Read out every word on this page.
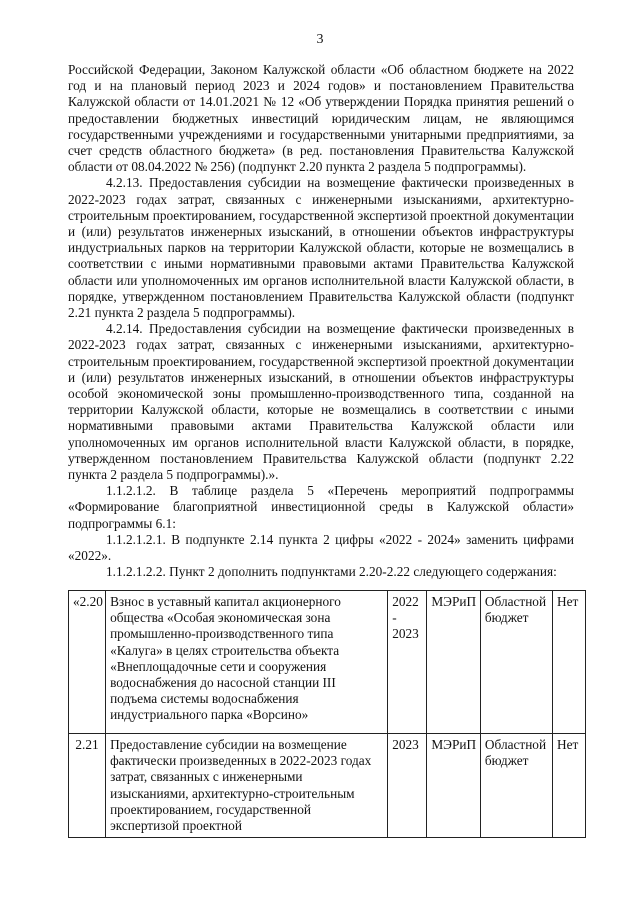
3

Российской Федерации, Законом Калужской области «Об областном бюджете на 2022 год и на плановый период 2023 и 2024 годов» и постановлением Правительства Калужской области от 14.01.2021 № 12 «Об утверждении Порядка принятия решений о предоставлении бюджетных инвестиций юридическим лицам, не являющимся государственными учреждениями и государственными унитарными предприятиями, за счет средств областного бюджета» (в ред. постановления Правительства Калужской области от 08.04.2022 № 256) (подпункт 2.20 пункта 2 раздела 5 подпрограммы).

4.2.13. Предоставления субсидии на возмещение фактически произведенных в 2022-2023 годах затрат, связанных с инженерными изысканиями, архитектурно-строительным проектированием, государственной экспертизой проектной документации и (или) результатов инженерных изысканий, в отношении объектов инфраструктуры индустриальных парков на территории Калужской области, которые не возмещались в соответствии с иными нормативными правовыми актами Правительства Калужской области или уполномоченных им органов исполнительной власти Калужской области, в порядке, утвержденном постановлением Правительства Калужской области (подпункт 2.21 пункта 2 раздела 5 подпрограммы).

4.2.14. Предоставления субсидии на возмещение фактически произведенных в 2022-2023 годах затрат, связанных с инженерными изысканиями, архитектурно-строительным проектированием, государственной экспертизой проектной документации и (или) результатов инженерных изысканий, в отношении объектов инфраструктуры особой экономической зоны промышленно-производственного типа, созданной на территории Калужской области, которые не возмещались в соответствии с иными нормативными правовыми актами Правительства Калужской области или уполномоченных им органов исполнительной власти Калужской области, в порядке, утвержденном постановлением Правительства Калужской области (подпункт 2.22 пункта 2 раздела 5 подпрограммы).».

1.1.2.1.2. В таблице раздела 5 «Перечень мероприятий подпрограммы «Формирование благоприятной инвестиционной среды в Калужской области» подпрограммы 6.1:

1.1.2.1.2.1. В подпункте 2.14 пункта 2 цифры «2022 - 2024» заменить цифрами «2022».

1.1.2.1.2.2. Пункт 2 дополнить подпунктами 2.20-2.22 следующего содержания:

«2.20	Взнос в уставный капитал акционерного общества «Особая экономическая зона промышленно-производственного типа «Калуга» в целях строительства объекта «Внеплощадочные сети и сооружения водоснабжения до насосной станции III подъема системы водоснабжения индустриального парка «Ворсино»	2022 - 2023	МЭРиП	Областной бюджет	Нет
2.21	Предоставление субсидии на возмещение фактически произведенных в 2022-2023 годах затрат, связанных с инженерными изысканиями, архитектурно-строительным проектированием, государственной экспертизой проектной	2023	МЭРиП	Областной бюджет	Нет
